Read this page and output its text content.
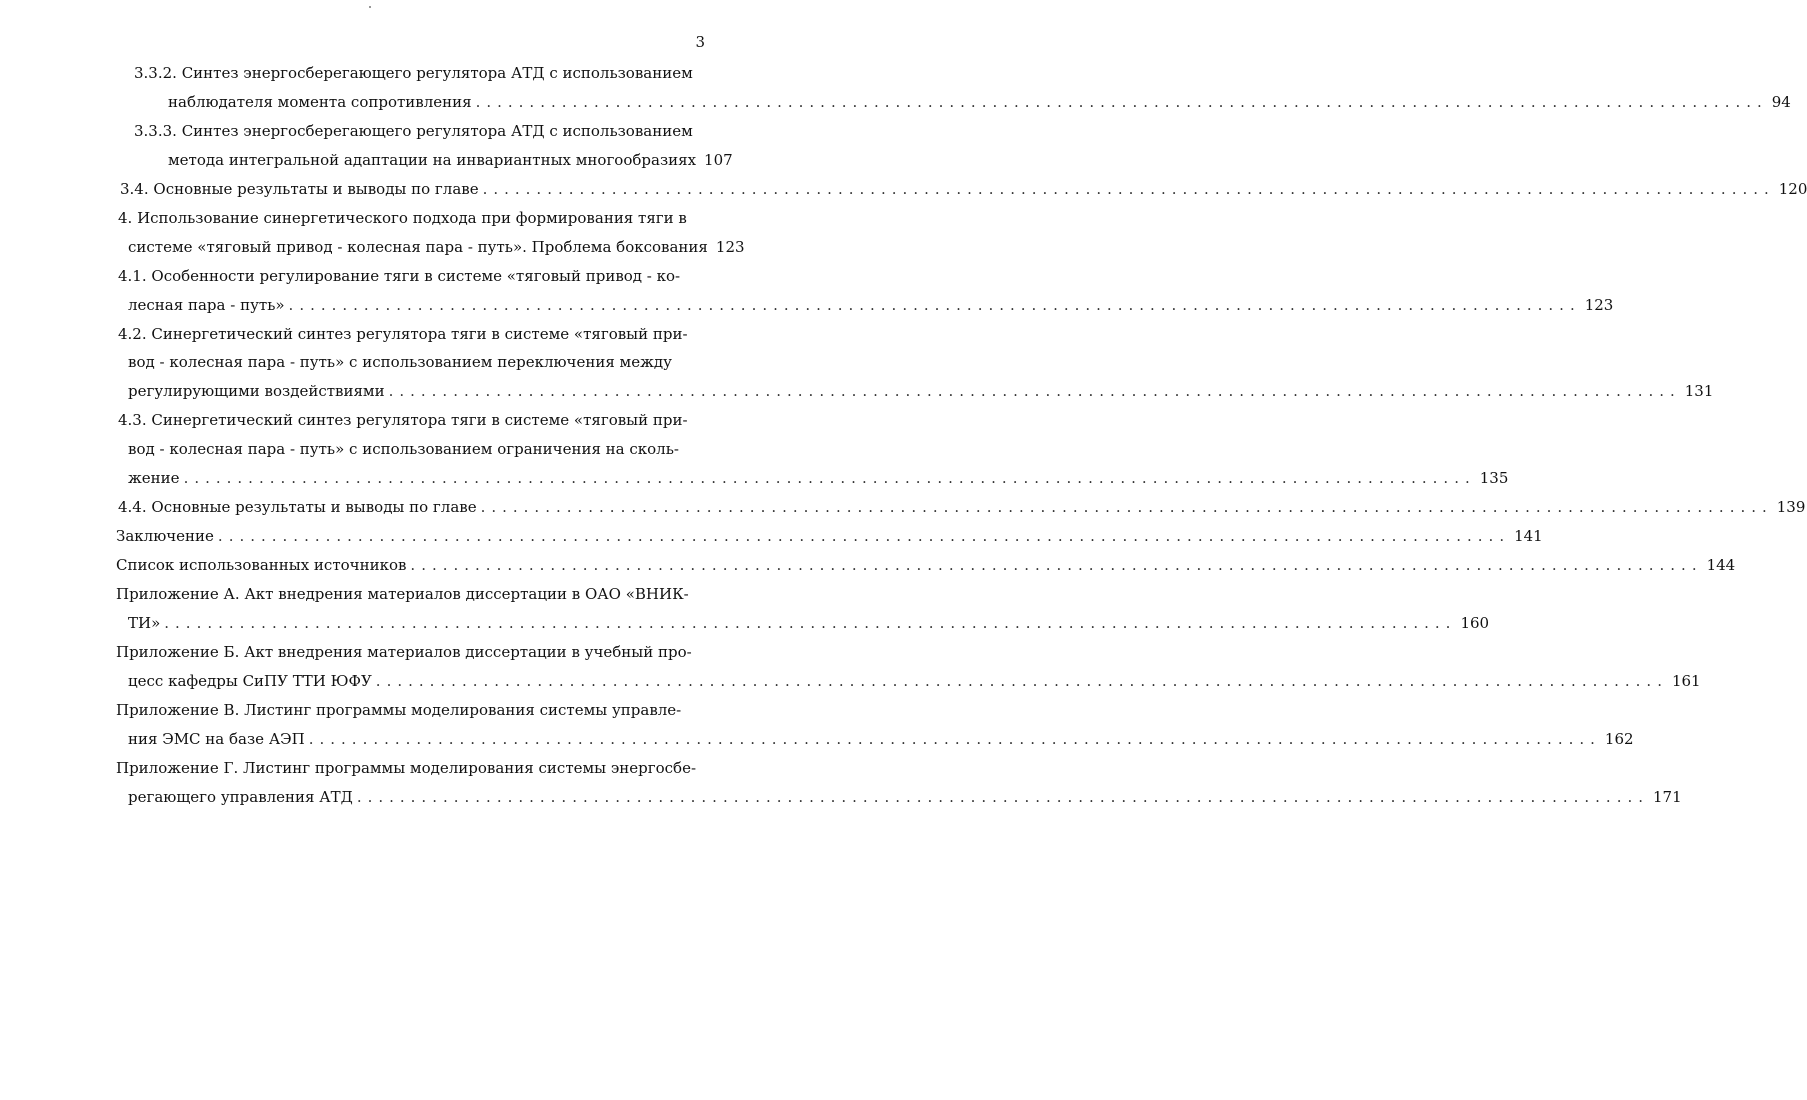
3
3.3.2. Синтез энергосберегающего регулятора АТД с использованием
наблюдателя момента сопротивления ........................................................................................................................ 94
3.3.3. Синтез энергосберегающего регулятора АТД с использованием
метода интегральной адаптации на инвариантных многообразиях 107
3.4. Основные результаты и выводы по главе ........................................................................................................................ 120
4. Использование синергетического подхода при формирования тяги в
системе «тяговый привод - колесная пара - путь». Проблема боксования 123
4.1. Особенности регулирование тяги в системе «тяговый привод - ко-
лесная пара - путь» ........................................................................................................................ 123
4.2. Синергетический синтез регулятора тяги в системе «тяговый при-
вод - колесная пара - путь» с использованием переключения между
регулирующими воздействиями ........................................................................................................................ 131
4.3. Синергетический синтез регулятора тяги в системе «тяговый при-
вод - колесная пара - путь» с использованием ограничения на сколь-
жение ........................................................................................................................ 135
4.4. Основные результаты и выводы по главе ........................................................................................................................ 139
Заключение ........................................................................................................................ 141
Список использованных источников ........................................................................................................................ 144
Приложение А. Акт внедрения материалов диссертации в ОАО «ВНИК-
ТИ» ........................................................................................................................ 160
Приложение Б. Акт внедрения материалов диссертации в учебный про-
цесс кафедры СиПУ ТТИ ЮФУ ........................................................................................................................ 161
Приложение В. Листинг программы моделирования системы управле-
ния ЭМС на базе АЭП ........................................................................................................................ 162
Приложение Г. Листинг программы моделирования системы энергосбе-
регающего управления АТД ........................................................................................................................ 171
